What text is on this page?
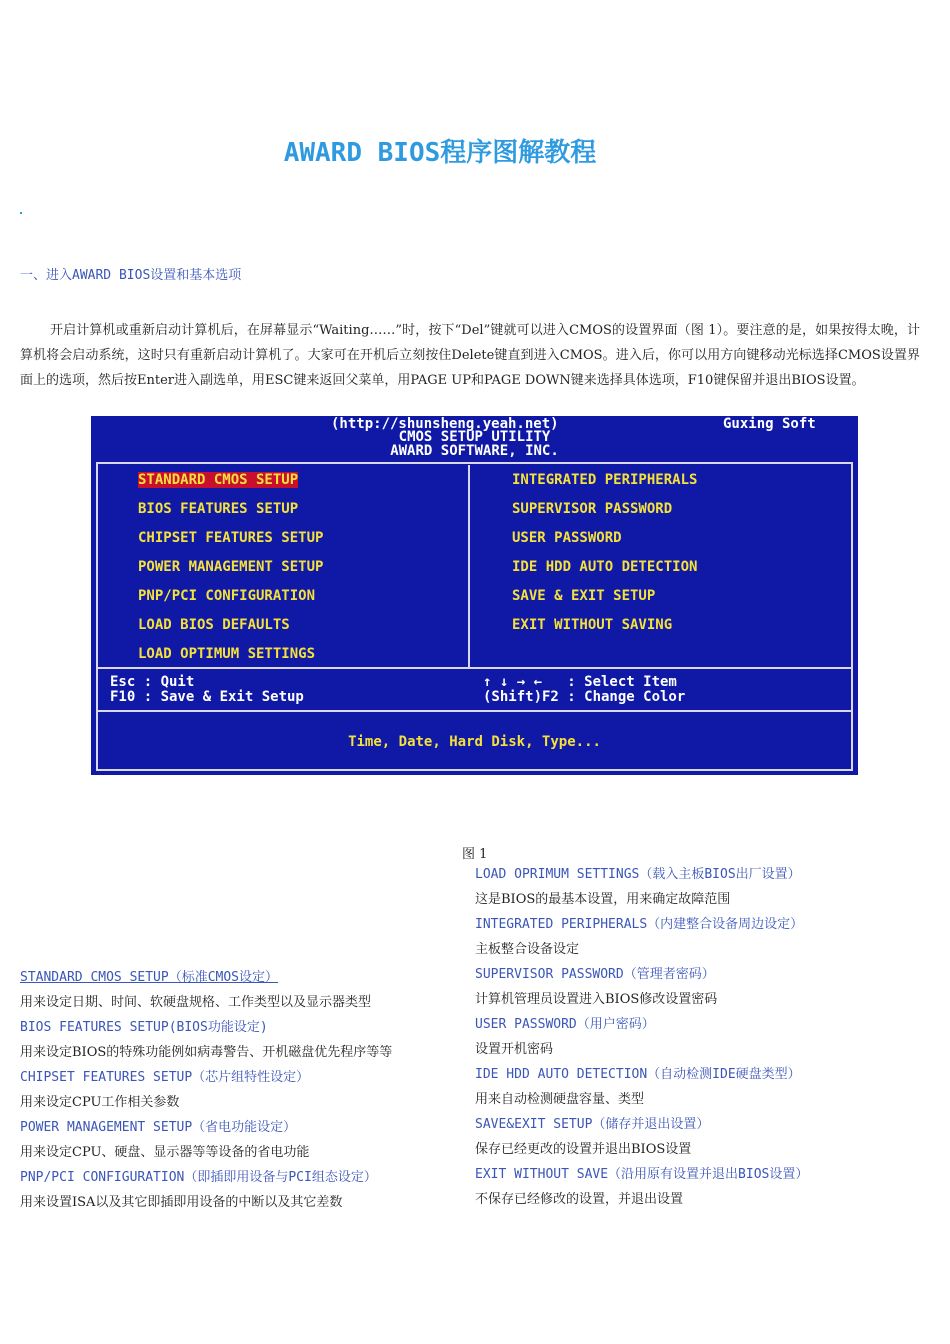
AWARD BIOS程序图解教程
一、进入AWARD BIOS设置和基本选项
开启计算机或重新启动计算机后，在屏幕显示“Waiting……”时，按下“Del”键就可以进入CMOS的设置界面（图 1）。要注意的是，如果按得太晚，计算机将会启动系统，这时只有重新启动计算机了。大家可在开机后立刻按住Delete键直到进入CMOS。进入后，你可以用方向键移动光标选择CMOS设置界面上的选项，然后按Enter进入副选单，用ESC键来返回父菜单，用PAGE UP和PAGE DOWN键来选择具体选项，F10键保留并退出BIOS设置。
(http://shunsheng.yeah.net)	Guxing Soft
CMOS SETUP UTILITY
AWARD SOFTWARE, INC.
STANDARD CMOS SETUP
BIOS FEATURES SETUP
CHIPSET FEATURES SETUP
POWER MANAGEMENT SETUP
PNP/PCI CONFIGURATION
LOAD BIOS DEFAULTS
LOAD OPTIMUM SETTINGS
INTEGRATED PERIPHERALS
SUPERVISOR PASSWORD
USER PASSWORD
IDE HDD AUTO DETECTION
SAVE & EXIT SETUP
EXIT WITHOUT SAVING
Esc : Quit
F10 : Save & Exit Setup
↑ ↓ → ←   : Select Item
(Shift)F2 : Change Color
Time, Date, Hard Disk, Type...
图 1
STANDARD CMOS SETUP（标准CMOS设定）
用来设定日期、时间、软硬盘规格、工作类型以及显示器类型
BIOS FEATURES SETUP(BIOS功能设定)
用来设定BIOS的特殊功能例如病毒警告、开机磁盘优先程序等等
CHIPSET FEATURES SETUP（芯片组特性设定）
用来设定CPU工作相关参数
POWER MANAGEMENT SETUP（省电功能设定）
用来设定CPU、硬盘、显示器等等设备的省电功能
PNP/PCI CONFIGURATION（即插即用设备与PCI组态设定）
用来设置ISA以及其它即插即用设备的中断以及其它差数
LOAD OPRIMUM SETTINGS（载入主板BIOS出厂设置）
这是BIOS的最基本设置，用来确定故障范围
INTEGRATED PERIPHERALS（内建整合设备周边设定）
主板整合设备设定
SUPERVISOR PASSWORD（管理者密码）
计算机管理员设置进入BIOS修改设置密码
USER PASSWORD（用户密码）
设置开机密码
IDE HDD AUTO DETECTION（自动检测IDE硬盘类型）
用来自动检测硬盘容量、类型
SAVE&EXIT SETUP（储存并退出设置）
保存已经更改的设置并退出BIOS设置
EXIT WITHOUT SAVE（沿用原有设置并退出BIOS设置）
不保存已经修改的设置，并退出设置
